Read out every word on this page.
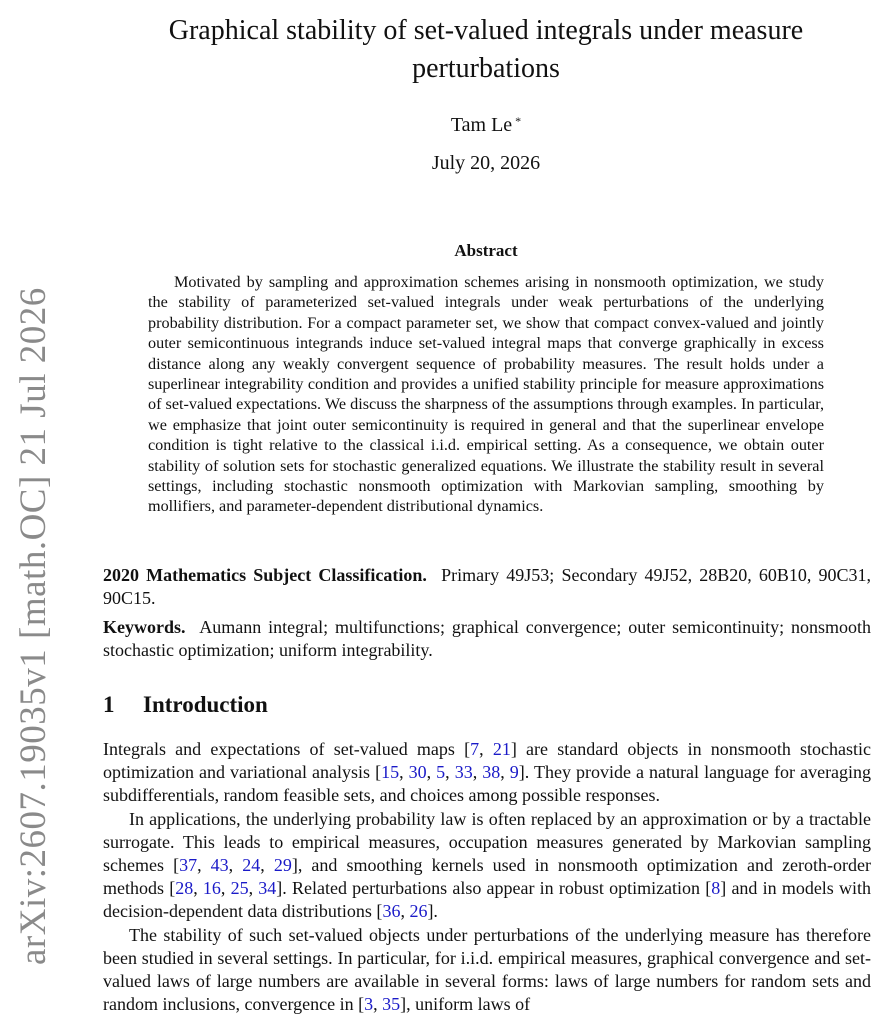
arXiv:2607.19035v1 [math.OC] 21 Jul 2026
Graphical stability of set-valued integrals under measure perturbations
Tam Le *
July 20, 2026
Abstract

Motivated by sampling and approximation schemes arising in nonsmooth optimization, we study the stability of parameterized set-valued integrals under weak perturbations of the underlying probability distribution. For a compact parameter set, we show that compact convex-valued and jointly outer semicontinuous integrands induce set-valued integral maps that converge graphically in excess distance along any weakly convergent sequence of probability measures. The result holds under a superlinear integrability condition and provides a unified stability principle for measure approximations of set-valued expectations. We discuss the sharpness of the assumptions through examples. In particular, we emphasize that joint outer semicontinuity is required in general and that the superlinear envelope condition is tight relative to the classical i.i.d. empirical setting. As a consequence, we obtain outer stability of solution sets for stochastic generalized equations. We illustrate the stability result in several settings, including stochastic nonsmooth optimization with Markovian sampling, smoothing by mollifiers, and parameter-dependent distributional dynamics.

2020 Mathematics Subject Classification. Primary 49J53; Secondary 49J52, 28B20, 60B10, 90C31, 90C15.

Keywords. Aumann integral; multifunctions; graphical convergence; outer semicontinuity; nonsmooth stochastic optimization; uniform integrability.

1 Introduction

Integrals and expectations of set-valued maps [7, 21] are standard objects in nonsmooth stochastic optimization and variational analysis [15, 30, 5, 33, 38, 9]. They provide a natural language for averaging subdifferentials, random feasible sets, and choices among possible responses.

In applications, the underlying probability law is often replaced by an approximation or by a tractable surrogate. This leads to empirical measures, occupation measures generated by Markovian sampling schemes [37, 43, 24, 29], and smoothing kernels used in nonsmooth optimization and zeroth-order methods [28, 16, 25, 34]. Related perturbations also appear in robust optimization [8] and in models with decision-dependent data distributions [36, 26].

The stability of such set-valued objects under perturbations of the underlying measure has therefore been studied in several settings. In particular, for i.i.d. empirical measures, graphical convergence and set-valued laws of large numbers are available in several forms: laws of large numbers for random sets and random inclusions, convergence in [3, 35], uniform laws of
